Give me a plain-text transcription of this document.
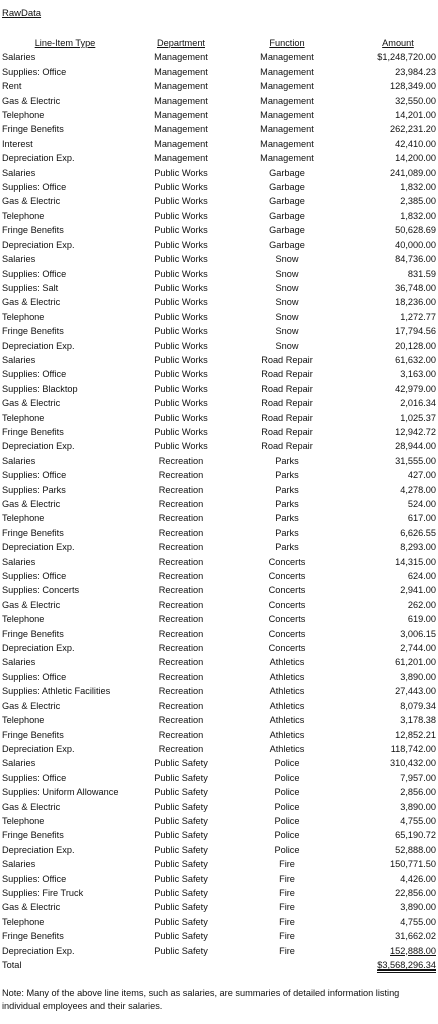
RawData
Line-Item Type	Department	Function	Amount
Salaries	Management	Management	$1,248,720.00
Supplies: Office	Management	Management	23,984.23
Rent	Management	Management	128,349.00
Gas & Electric	Management	Management	32,550.00
Telephone	Management	Management	14,201.00
Fringe Benefits	Management	Management	262,231.20
Interest	Management	Management	42,410.00
Depreciation Exp.	Management	Management	14,200.00
Salaries	Public Works	Garbage	241,089.00
Supplies: Office	Public Works	Garbage	1,832.00
Gas & Electric	Public Works	Garbage	2,385.00
Telephone	Public Works	Garbage	1,832.00
Fringe Benefits	Public Works	Garbage	50,628.69
Depreciation Exp.	Public Works	Garbage	40,000.00
Salaries	Public Works	Snow	84,736.00
Supplies: Office	Public Works	Snow	831.59
Supplies: Salt	Public Works	Snow	36,748.00
Gas & Electric	Public Works	Snow	18,236.00
Telephone	Public Works	Snow	1,272.77
Fringe Benefits	Public Works	Snow	17,794.56
Depreciation Exp.	Public Works	Snow	20,128.00
Salaries	Public Works	Road Repair	61,632.00
Supplies: Office	Public Works	Road Repair	3,163.00
Supplies: Blacktop	Public Works	Road Repair	42,979.00
Gas & Electric	Public Works	Road Repair	2,016.34
Telephone	Public Works	Road Repair	1,025.37
Fringe Benefits	Public Works	Road Repair	12,942.72
Depreciation Exp.	Public Works	Road Repair	28,944.00
Salaries	Recreation	Parks	31,555.00
Supplies: Office	Recreation	Parks	427.00
Supplies: Parks	Recreation	Parks	4,278.00
Gas & Electric	Recreation	Parks	524.00
Telephone	Recreation	Parks	617.00
Fringe Benefits	Recreation	Parks	6,626.55
Depreciation Exp.	Recreation	Parks	8,293.00
Salaries	Recreation	Concerts	14,315.00
Supplies: Office	Recreation	Concerts	624.00
Supplies: Concerts	Recreation	Concerts	2,941.00
Gas & Electric	Recreation	Concerts	262.00
Telephone	Recreation	Concerts	619.00
Fringe Benefits	Recreation	Concerts	3,006.15
Depreciation Exp.	Recreation	Concerts	2,744.00
Salaries	Recreation	Athletics	61,201.00
Supplies: Office	Recreation	Athletics	3,890.00
Supplies: Athletic Facilities	Recreation	Athletics	27,443.00
Gas & Electric	Recreation	Athletics	8,079.34
Telephone	Recreation	Athletics	3,178.38
Fringe Benefits	Recreation	Athletics	12,852.21
Depreciation Exp.	Recreation	Athletics	118,742.00
Salaries	Public Safety	Police	310,432.00
Supplies: Office	Public Safety	Police	7,957.00
Supplies: Uniform Allowance	Public Safety	Police	2,856.00
Gas & Electric	Public Safety	Police	3,890.00
Telephone	Public Safety	Police	4,755.00
Fringe Benefits	Public Safety	Police	65,190.72
Depreciation Exp.	Public Safety	Police	52,888.00
Salaries	Public Safety	Fire	150,771.50
Supplies: Office	Public Safety	Fire	4,426.00
Supplies: Fire Truck	Public Safety	Fire	22,856.00
Gas & Electric	Public Safety	Fire	3,890.00
Telephone	Public Safety	Fire	4,755.00
Fringe Benefits	Public Safety	Fire	31,662.02
Depreciation Exp.	Public Safety	Fire	152,888.00
Total			$3,568,296.34
Note: Many of the above line items, such as salaries, are summaries of detailed information listing individual employees and their salaries.
